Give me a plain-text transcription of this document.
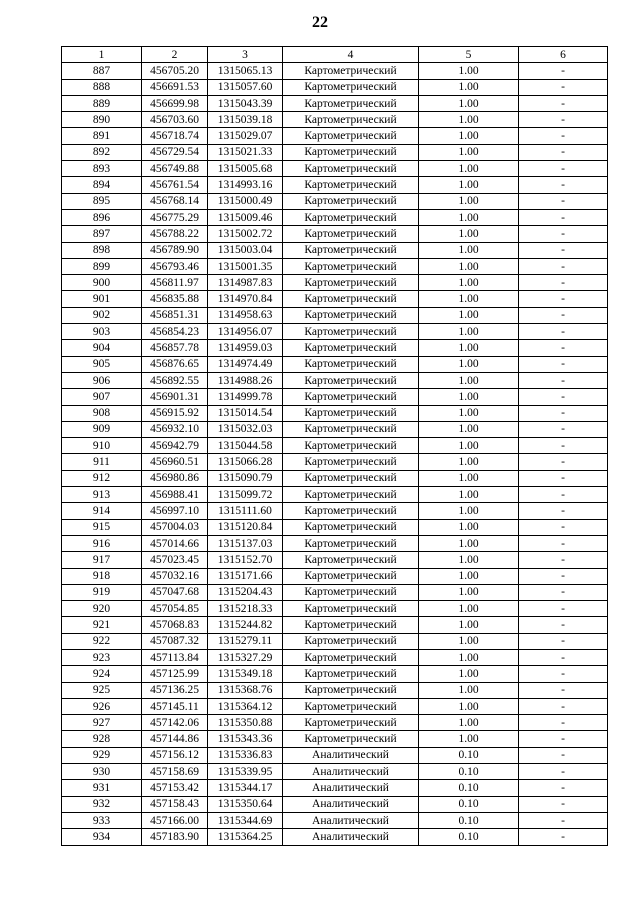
22
1	2	3	4	5	6
887	456705.20	1315065.13	Картометрический	1.00	-
888	456691.53	1315057.60	Картометрический	1.00	-
889	456699.98	1315043.39	Картометрический	1.00	-
890	456703.60	1315039.18	Картометрический	1.00	-
891	456718.74	1315029.07	Картометрический	1.00	-
892	456729.54	1315021.33	Картометрический	1.00	-
893	456749.88	1315005.68	Картометрический	1.00	-
894	456761.54	1314993.16	Картометрический	1.00	-
895	456768.14	1315000.49	Картометрический	1.00	-
896	456775.29	1315009.46	Картометрический	1.00	-
897	456788.22	1315002.72	Картометрический	1.00	-
898	456789.90	1315003.04	Картометрический	1.00	-
899	456793.46	1315001.35	Картометрический	1.00	-
900	456811.97	1314987.83	Картометрический	1.00	-
901	456835.88	1314970.84	Картометрический	1.00	-
902	456851.31	1314958.63	Картометрический	1.00	-
903	456854.23	1314956.07	Картометрический	1.00	-
904	456857.78	1314959.03	Картометрический	1.00	-
905	456876.65	1314974.49	Картометрический	1.00	-
906	456892.55	1314988.26	Картометрический	1.00	-
907	456901.31	1314999.78	Картометрический	1.00	-
908	456915.92	1315014.54	Картометрический	1.00	-
909	456932.10	1315032.03	Картометрический	1.00	-
910	456942.79	1315044.58	Картометрический	1.00	-
911	456960.51	1315066.28	Картометрический	1.00	-
912	456980.86	1315090.79	Картометрический	1.00	-
913	456988.41	1315099.72	Картометрический	1.00	-
914	456997.10	1315111.60	Картометрический	1.00	-
915	457004.03	1315120.84	Картометрический	1.00	-
916	457014.66	1315137.03	Картометрический	1.00	-
917	457023.45	1315152.70	Картометрический	1.00	-
918	457032.16	1315171.66	Картометрический	1.00	-
919	457047.68	1315204.43	Картометрический	1.00	-
920	457054.85	1315218.33	Картометрический	1.00	-
921	457068.83	1315244.82	Картометрический	1.00	-
922	457087.32	1315279.11	Картометрический	1.00	-
923	457113.84	1315327.29	Картометрический	1.00	-
924	457125.99	1315349.18	Картометрический	1.00	-
925	457136.25	1315368.76	Картометрический	1.00	-
926	457145.11	1315364.12	Картометрический	1.00	-
927	457142.06	1315350.88	Картометрический	1.00	-
928	457144.86	1315343.36	Картометрический	1.00	-
929	457156.12	1315336.83	Аналитический	0.10	-
930	457158.69	1315339.95	Аналитический	0.10	-
931	457153.42	1315344.17	Аналитический	0.10	-
932	457158.43	1315350.64	Аналитический	0.10	-
933	457166.00	1315344.69	Аналитический	0.10	-
934	457183.90	1315364.25	Аналитический	0.10	-
